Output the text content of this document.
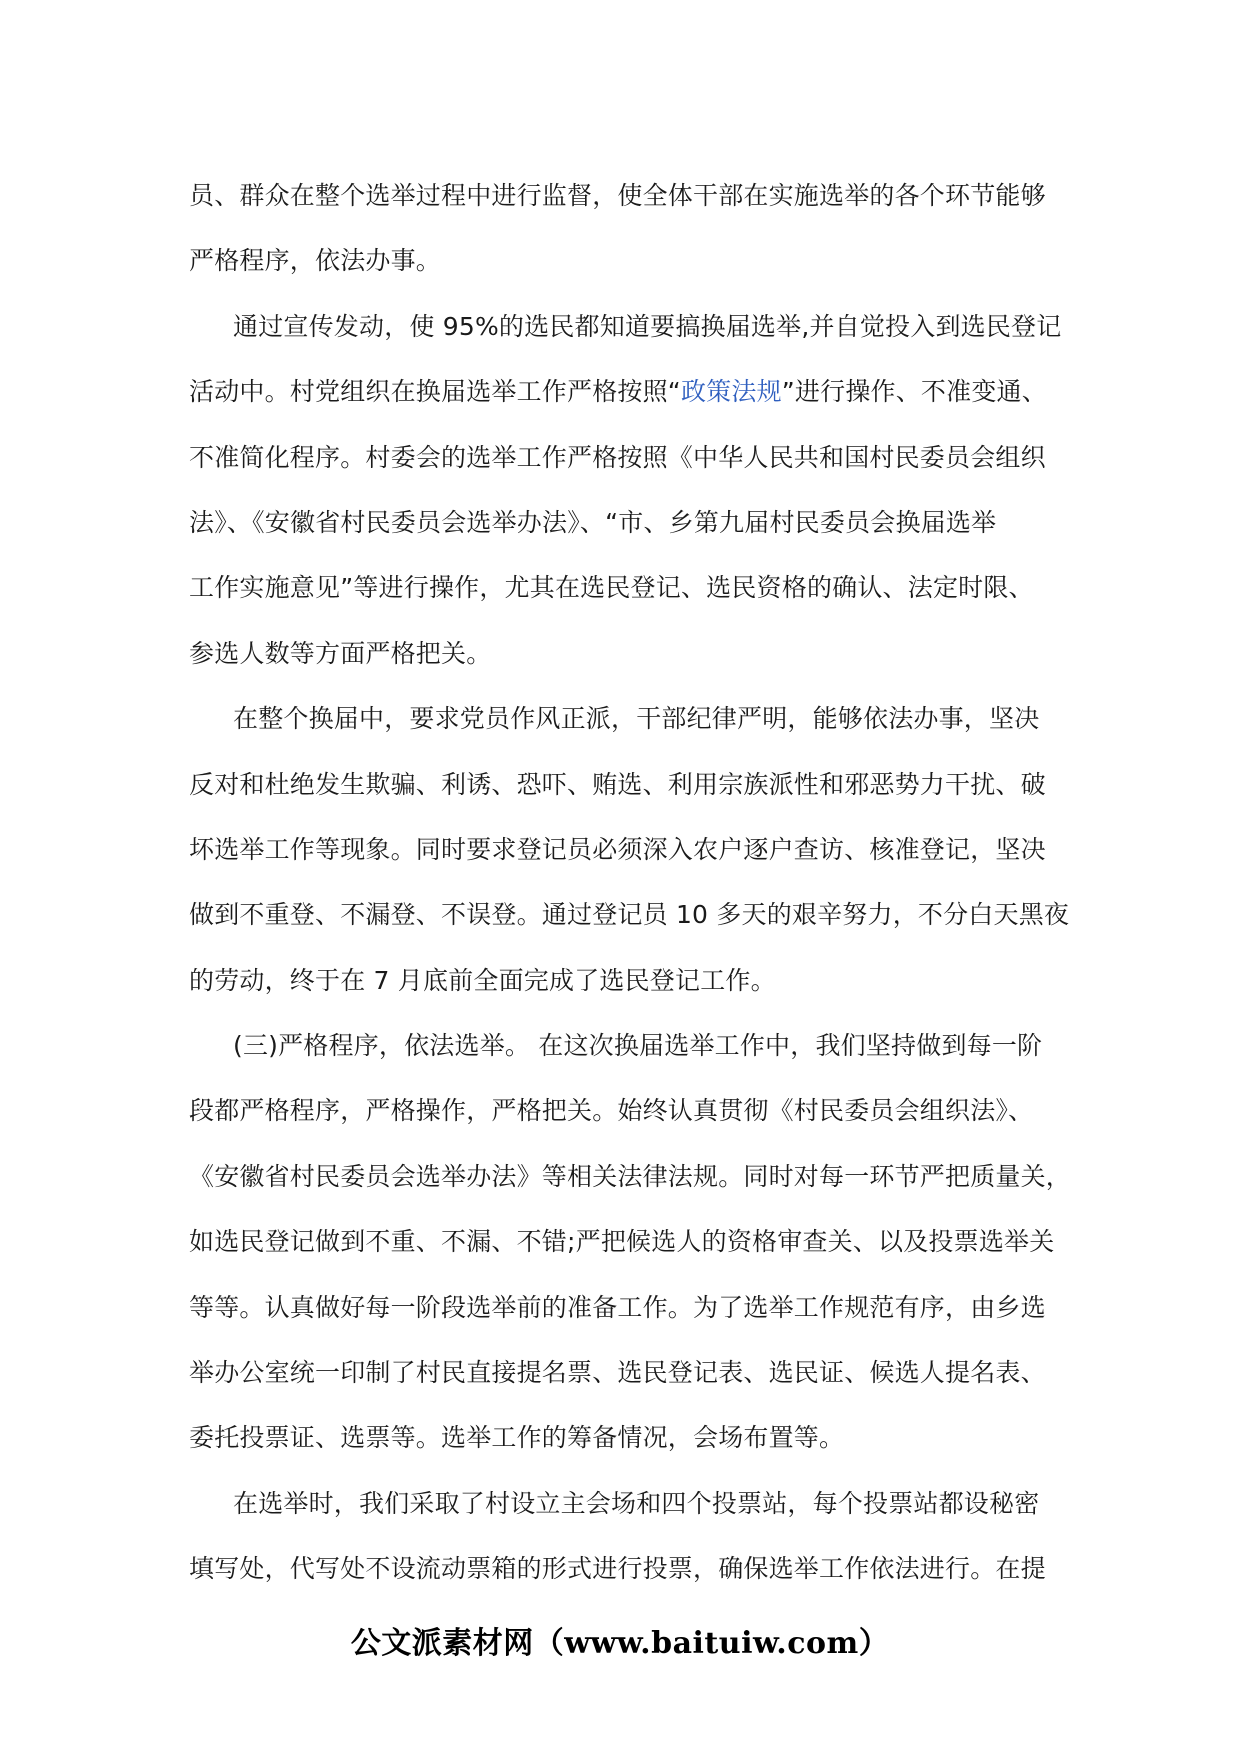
员、群众在整个选举过程中进行监督，使全体干部在实施选举的各个环节能够
严格程序，依法办事。
通过宣传发动，使 95%的选民都知道要搞换届选举,并自觉投入到选民登记
活动中。村党组织在换届选举工作严格按照“政策法规”进行操作、不准变通、
不准简化程序。村委会的选举工作严格按照《中华人民共和国村民委员会组织
法》、《安徽省村民委员会选举办法》、“市、乡第九届村民委员会换届选举
工作实施意见”等进行操作，尤其在选民登记、选民资格的确认、法定时限、
参选人数等方面严格把关。
在整个换届中，要求党员作风正派，干部纪律严明，能够依法办事，坚决
反对和杜绝发生欺骗、利诱、恐吓、贿选、利用宗族派性和邪恶势力干扰、破
坏选举工作等现象。同时要求登记员必须深入农户逐户查访、核准登记，坚决
做到不重登、不漏登、不误登。通过登记员 10 多天的艰辛努力，不分白天黑夜
的劳动，终于在 7 月底前全面完成了选民登记工作。
(三)严格程序，依法选举。 在这次换届选举工作中，我们坚持做到每一阶
段都严格程序，严格操作，严格把关。始终认真贯彻《村民委员会组织法》、
《安徽省村民委员会选举办法》等相关法律法规。同时对每一环节严把质量关，
如选民登记做到不重、不漏、不错;严把候选人的资格审查关、以及投票选举关
等等。认真做好每一阶段选举前的准备工作。为了选举工作规范有序，由乡选
举办公室统一印制了村民直接提名票、选民登记表、选民证、候选人提名表、
委托投票证、选票等。选举工作的筹备情况，会场布置等。
在选举时，我们采取了村设立主会场和四个投票站，每个投票站都设秘密
填写处，代写处不设流动票箱的形式进行投票，确保选举工作依法进行。在提
公文派素材网（www.baituiw.com）
